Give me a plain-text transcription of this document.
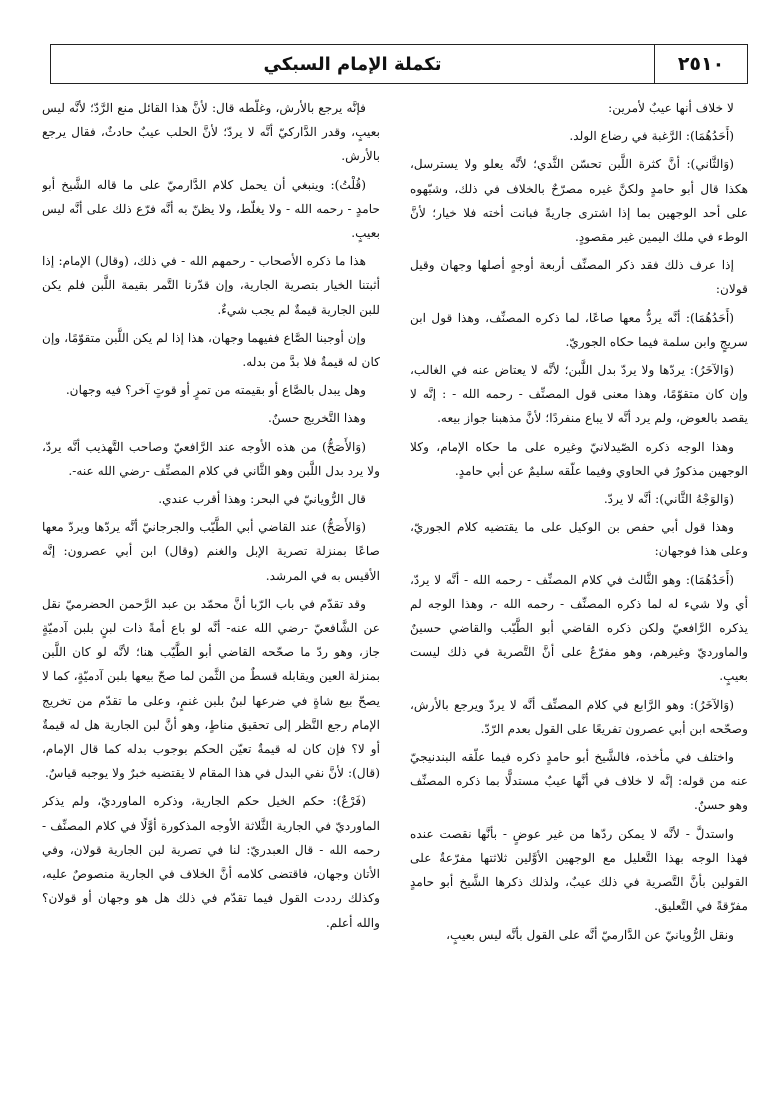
٢٥١٠
تكملة الإمام السبكي

لا خلاف أنها عيبٌ لأمرين:

(أَحَدُهُمَا): الرَّغبة في رضاع الولد.

(وَالثَّاني): أنَّ كثرة اللَّبن تحسّن الثَّدي؛ لأنَّه يعلو ولا يسترسل، هكذا قال أبو حامدٍ ولكنَّ غيره مصرّحٌ بالخلاف في ذلك، وشبّهوه على أحد الوجهين بما إذا اشترى جاريةً فبانت أخته فلا خيار؛ لأنَّ الوطء في ملك اليمين غير مقصودٍ.

إذا عرف ذلك فقد ذكر المصنِّف أربعة أوجهٍ أصلها وجهان وقيل قولان:

(أَحَدُهُمَا): أنَّه يردُّ معها صاعًا، لما ذكره المصنِّف، وهذا قول ابن سريجٍ وابن سلمة فيما حكاه الجوريّ.

(وَالآخَرُ): يردّها ولا يردّ بدل اللَّبن؛ لأنَّه لا يعتاض عنه في الغالب، وإن كان متقوّمًا، وهذا معنى قول المصنِّف - رحمه الله - : إنَّه لا يقصد بالعوض، ولم يرد أنَّه لا يباع منفردًا؛ لأنَّ مذهبنا جواز بيعه.

وهذا الوجه ذكره الصّيدلانيّ وغيره على ما حكاه الإمام، وكلا الوجهين مذكورٌ في الحاوي وفيما علّقه سليمٌ عن أبي حامدٍ.

(وَالوَجْهُ الثَّاني): أنَّه لا يردّ.

وهذا قول أبي حفص بن الوكيل على ما يقتضيه كلام الجوريّ، وعلى هذا فوجهان:

(أَحَدُهُمَا): وهو الثَّالث في كلام المصنِّف - رحمه الله - أنَّه لا يردّ، أي ولا شيء له لما ذكره المصنِّف - رحمه الله -، وهذا الوجه لم يذكره الرَّافعيّ ولكن ذكره القاضي أبو الطَّيّب والقاضي حسينٌ والماورديّ وغيرهم، وهو مفرّعٌ على أنَّ التَّصرية في ذلك ليست بعيبٍ.

(وَالآخَرُ): وهو الرَّابع في كلام المصنِّف أنَّه لا يردّ ويرجع بالأرش، وصحّحه ابن أبي عصرون تفريعًا على القول بعدم الرّدّ.

واختلف في مأخذه، فالشَّيخ أبو حامدٍ ذكره فيما علّقه البندنيجيّ عنه من قوله: إنَّه لا خلاف في أنَّها عيبٌ مستدلًّا بما ذكره المصنِّف وهو حسنٌ.

واستدلَّ - لأنَّه لا يمكن ردّها من غير عوضٍ - بأنَّها نقصت عنده فهذا الوجه بهذا التَّعليل مع الوجهين الأوَّلين ثلاثتها مفرّعةٌ على القولين بأنَّ التَّصرية في ذلك عيبٌ، ولذلك ذكرها الشَّيخ أبو حامدٍ مفرّقةً في التَّعليق.

ونقل الرُّويانيّ عن الدَّارميّ أنَّه على القول بأنَّه ليس بعيبٍ،

فإنَّه يرجع بالأرش، وغلّطه قال: لأنَّ هذا القائل منع الرَّدّ؛ لأنَّه ليس بعيبٍ، وقدر الدَّاركيّ أنَّه لا يردّ؛ لأنَّ الحلب عيبٌ حادثٌ، فقال يرجع بالأرش.

(قُلْتُ): وينبغي أن يحمل كلام الدَّارميّ على ما قاله الشَّيخ أبو حامدٍ - رحمه الله - ولا يغلّط، ولا يظنّ به أنَّه فرّع ذلك على أنَّه ليس بعيبٍ.

هذا ما ذكره الأصحاب - رحمهم الله - في ذلك، (وقال) الإمام: إذا أثبتنا الخيار بتصرية الجارية، وإن قدّرنا التَّمر بقيمة اللَّبن فلم يكن للبن الجارية قيمةٌ لم يجب شيءٌ.

وإن أوجبنا الصَّاع ففيهما وجهان، هذا إذا لم يكن اللَّبن متقوّمًا، وإن كان له قيمةٌ فلا بدَّ من بدله.

وهل يبدل بالصَّاع أو بقيمته من تمرٍ أو قوتٍ آخر؟ فيه وجهان.

وهذا التَّخريج حسنٌ.

(وَالأَصَحُّ) من هذه الأوجه عند الرَّافعيّ وصاحب التَّهذيب أنَّه يردّ، ولا يرد بدل اللَّبن وهو الثَّاني في كلام المصنِّف -رضي الله عنه-.

قال الرُّويانيّ في البحر: وهذا أقرب عندي.

(وَالأَصَحُّ) عند القاضي أبي الطَّيّب والجرجانيّ أنَّه يردّها ويردّ معها صاعًا بمنزلة تصرية الإبل والغنم (وقال) ابن أبي عصرون: إنَّه الأقيس به في المرشد.

وقد تقدّم في باب الرّبا أنَّ محمّد بن عبد الرَّحمن الحضرميّ نقل عن الشَّافعيّ -رضي الله عنه- أنَّه لو باع أمةً ذات لبنٍ بلبن آدميّةٍ جاز، وهو ردّ ما صحّحه القاضي أبو الطَّيّب هنا؛ لأنَّه لو كان اللَّبن بمنزلة العين ويقابله قسطٌ من الثَّمن لما صحّ بيعها بلبن آدميّةٍ، كما لا يصحّ بيع شاةٍ في ضرعها لبنٌ بلبن غنمٍ، وعلى ما تقدّم من تخريج الإمام رجع النَّظر إلى تحقيق مناطٍ، وهو أنَّ لبن الجارية هل له قيمةٌ أو لا؟ فإن كان له قيمةٌ تعيّن الحكم بوجوب بدله كما قال الإمام، (قال): لأنَّ نفي البدل في هذا المقام لا يقتضيه خبرٌ ولا يوجبه قياسٌ.

(فَرْعٌ): حكم الخيل حكم الجارية، وذكره الماورديّ، ولم يذكر الماورديّ في الجارية الثَّلاثة الأوجه المذكورة أوَّلًا في كلام المصنِّف - رحمه الله - قال العبدريّ: لنا في تصرية لبن الجارية قولان، وفي الأتان وجهان، فاقتضى كلامه أنَّ الخلاف في الجارية منصوصٌ عليه، وكذلك رددت القول فيما تقدّم في ذلك هل هو وجهان أو قولان؟ والله أعلم.
